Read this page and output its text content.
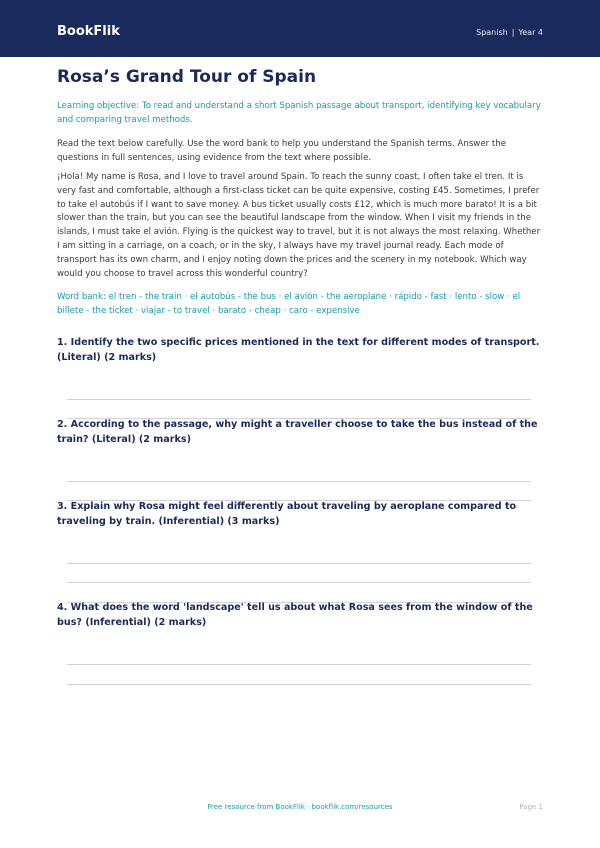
BookFlik	Spanish | Year 4
Rosa’s Grand Tour of Spain
Learning objective: To read and understand a short Spanish passage about transport, identifying key vocabulary and comparing travel methods.
Read the text below carefully. Use the word bank to help you understand the Spanish terms. Answer the questions in full sentences, using evidence from the text where possible.
¡Hola! My name is Rosa, and I love to travel around Spain. To reach the sunny coast, I often take el tren. It is very fast and comfortable, although a first-class ticket can be quite expensive, costing £45. Sometimes, I prefer to take el autobús if I want to save money. A bus ticket usually costs £12, which is much more barato! It is a bit slower than the train, but you can see the beautiful landscape from the window. When I visit my friends in the islands, I must take el avión. Flying is the quickest way to travel, but it is not always the most relaxing. Whether I am sitting in a carriage, on a coach, or in the sky, I always have my travel journal ready. Each mode of transport has its own charm, and I enjoy noting down the prices and the scenery in my notebook. Which way would you choose to travel across this wonderful country?
Word bank: el tren - the train · el autobús - the bus · el avión - the aeroplane · rápido - fast · lento - slow · el billete - the ticket · viajar - to travel · barato - cheap · caro - expensive
1. Identify the two specific prices mentioned in the text for different modes of transport. (Literal) (2 marks)
2. According to the passage, why might a traveller choose to take the bus instead of the train? (Literal) (2 marks)
3. Explain why Rosa might feel differently about traveling by aeroplane compared to traveling by train. (Inferential) (3 marks)
4. What does the word 'landscape' tell us about what Rosa sees from the window of the bus? (Inferential) (2 marks)
Free resource from BookFlik · bookflik.com/resources	Page 1
